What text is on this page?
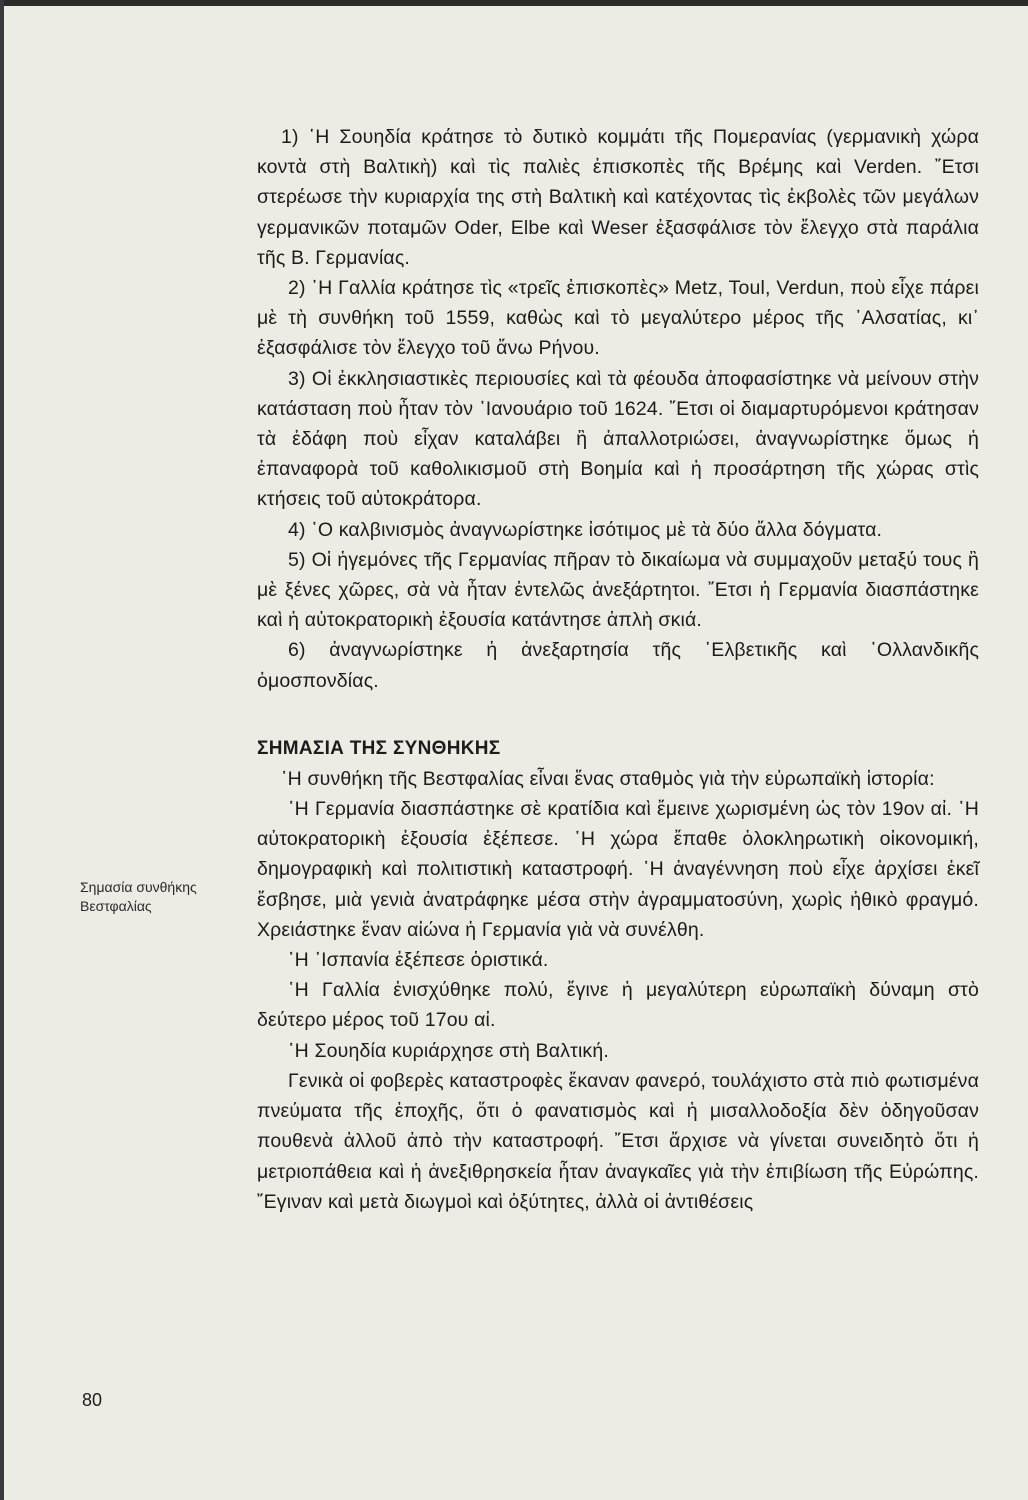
Σημασία συνθήκης Βεστφαλίας

1) ῾Η Σουηδία κράτησε τὸ δυτικὸ κομμάτι τῆς Πομερανίας (γερμανικὴ χώρα κοντὰ στὴ Βαλτικὴ) καὶ τὶς παλιὲς ἐπισκοπὲς τῆς Βρέμης καὶ Verden. ῎Ετσι στερέωσε τὴν κυριαρχία της στὴ Βαλτικὴ καὶ κατέχοντας τὶς ἐκβολὲς τῶν μεγάλων γερμανικῶν ποταμῶν Oder, Elbe καὶ Weser ἐξασφάλισε τὸν ἔλεγχο στὰ παράλια τῆς Β. Γερμανίας.

2) ῾Η Γαλλία κράτησε τὶς «τρεῖς ἐπισκοπὲς» Metz, Toul, Verdun, ποὺ εἶχε πάρει μὲ τὴ συνθήκη τοῦ 1559, καθὼς καὶ τὸ μεγαλύτερο μέρος τῆς ᾿Αλσατίας, κι᾿ ἐξασφάλισε τὸν ἔλεγχο τοῦ ἄνω Ρήνου.

3) Οἱ ἐκκλησιαστικὲς περιουσίες καὶ τὰ φέουδα ἀποφασίστηκε νὰ μείνουν στὴν κατάσταση ποὺ ἦταν τὸν ᾿Ιανουάριο τοῦ 1624. ῎Ετσι οἱ διαμαρτυρόμενοι κράτησαν τὰ ἐδάφη ποὺ εἶχαν καταλάβει ἢ ἀπαλλοτριώσει, ἀναγνωρίστηκε ὅμως ἡ ἐπαναφορὰ τοῦ καθολικισμοῦ στὴ Βοημία καὶ ἡ προσάρτηση τῆς χώρας στὶς κτήσεις τοῦ αὐτοκράτορα.

4) ῾Ο καλβινισμὸς ἀναγνωρίστηκε ἰσότιμος μὲ τὰ δύο ἄλλα δόγματα.

5) Οἱ ἡγεμόνες τῆς Γερμανίας πῆραν τὸ δικαίωμα νὰ συμμαχοῦν μεταξύ τους ἢ μὲ ξένες χῶρες, σὰ νὰ ἦταν ἐντελῶς ἀνεξάρτητοι. ῎Ετσι ἡ Γερμανία διασπάστηκε καὶ ἡ αὐτοκρατορικὴ ἐξουσία κατάντησε ἁπλὴ σκιά.

6) ἀναγνωρίστηκε ἡ ἀνεξαρτησία τῆς ῾Ελβετικῆς καὶ ῾Ολλανδικῆς ὁμοσπονδίας.

ΣΗΜΑΣΙΑ ΤΗΣ ΣΥΝΘΗΚΗΣ

῾Η συνθήκη τῆς Βεστφαλίας εἶναι ἕνας σταθμὸς γιὰ τὴν εὐρωπαϊκὴ ἱστορία:

῾Η Γερμανία διασπάστηκε σὲ κρατίδια καὶ ἔμεινε χωρισμένη ὡς τὸν 19ον αἰ. ῾Η αὐτοκρατορικὴ ἐξουσία ἐξέπεσε. ῾Η χώρα ἔπαθε ὁλοκληρωτικὴ οἰκονομική, δημογραφικὴ καὶ πολιτιστικὴ καταστροφή. ῾Η ἀναγέννηση ποὺ εἶχε ἀρχίσει ἐκεῖ ἔσβησε, μιὰ γενιὰ ἀνατράφηκε μέσα στὴν ἀγραμματοσύνη, χωρὶς ἠθικὸ φραγμό. Χρειάστηκε ἕναν αἰώνα ἡ Γερμανία γιὰ νὰ συνέλθη.

῾Η ᾿Ισπανία ἐξέπεσε ὁριστικά.

῾Η Γαλλία ἐνισχύθηκε πολύ, ἔγινε ἡ μεγαλύτερη εὐρωπαϊκὴ δύναμη στὸ δεύτερο μέρος τοῦ 17ου αἰ.

῾Η Σουηδία κυριάρχησε στὴ Βαλτική.

Γενικὰ οἱ φοβερὲς καταστροφὲς ἔκαναν φανερό, τουλάχιστο στὰ πιὸ φωτισμένα πνεύματα τῆς ἐποχῆς, ὅτι ὁ φανατισμὸς καὶ ἡ μισαλλοδοξία δὲν ὁδηγοῦσαν πουθενὰ ἀλλοῦ ἀπὸ τὴν καταστροφή. ῎Ετσι ἄρχισε νὰ γίνεται συνειδητὸ ὅτι ἡ μετριοπάθεια καὶ ἡ ἀνεξιθρησκεία ἦταν ἀναγκαῖες γιὰ τὴν ἐπιβίωση τῆς Εὐρώπης. ῎Εγιναν καὶ μετὰ διωγμοὶ καὶ ὀξύτητες, ἀλλὰ οἱ ἀντιθέσεις

80
